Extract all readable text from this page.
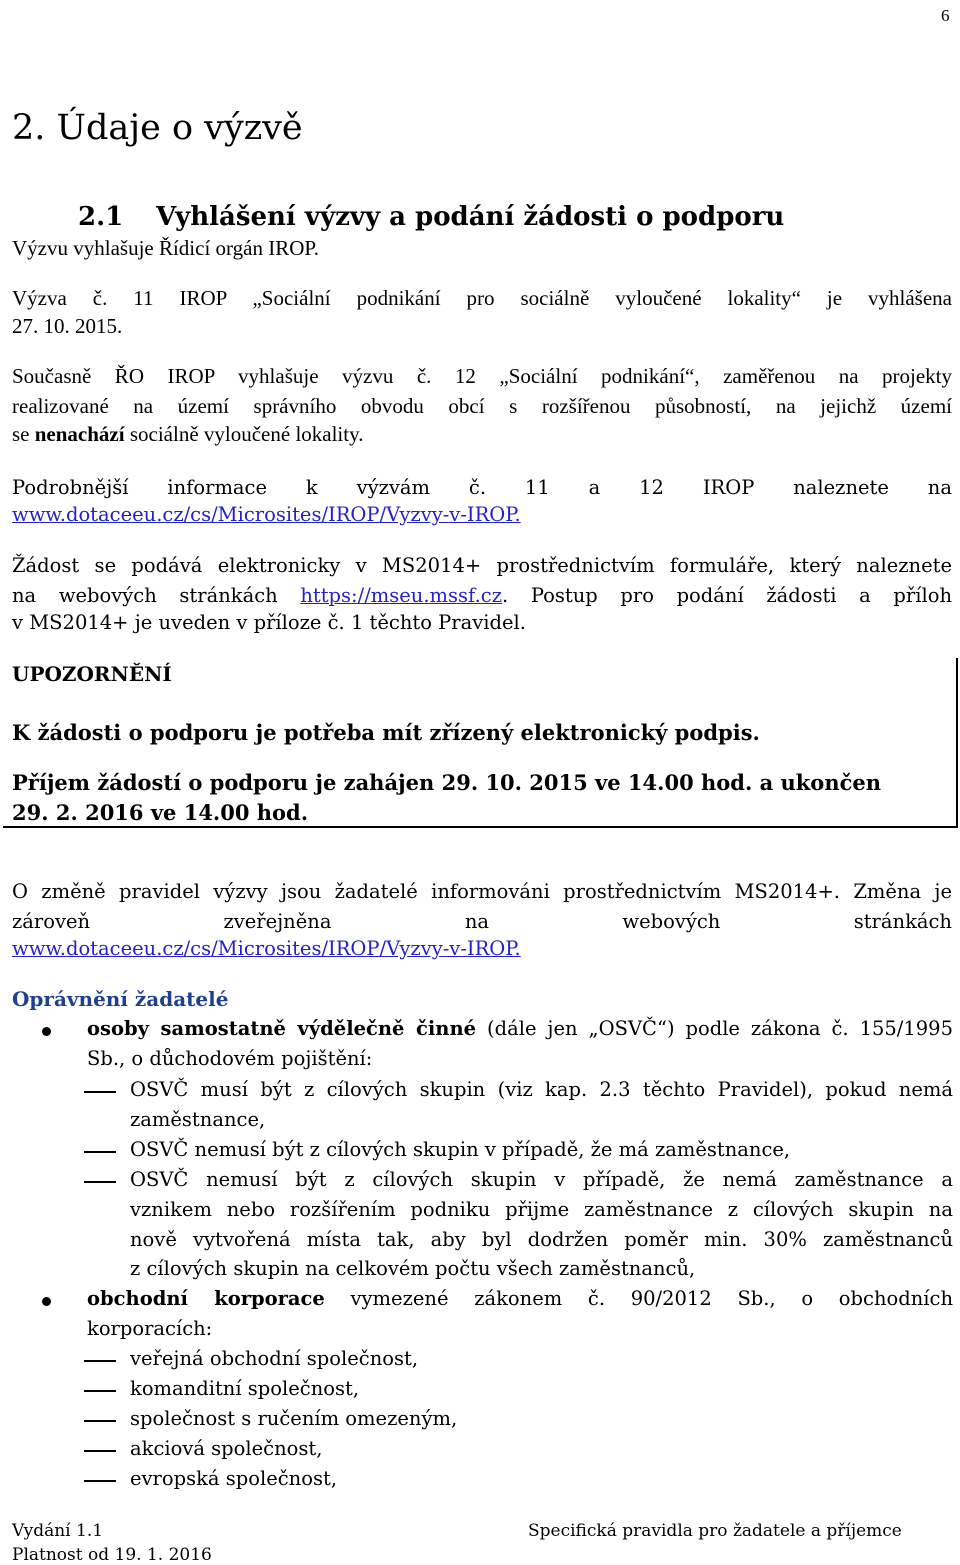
6
2. Údaje o výzvě
2.1 Vyhlášení výzvy a podání žádosti o podporu
Výzvu vyhlašuje Řídicí orgán IROP.
Výzva č. 11 IROP „Sociální podnikání pro sociálně vyloučené lokality“ je vyhlášena
27. 10. 2015.
Současně ŘO IROP vyhlašuje výzvu č. 12 „Sociální podnikání“, zaměřenou na projekty
realizované na území správního obvodu obcí s rozšířenou působností, na jejichž území
se nenachází sociálně vyloučené lokality.
Podrobnější informace k výzvám č. 11 a 12 IROP naleznete na
www.dotaceeu.cz/cs/Microsites/IROP/Vyzvy-v-IROP.
Žádost se podává elektronicky v MS2014+ prostřednictvím formuláře, který naleznete
na webových stránkách https://mseu.mssf.cz. Postup pro podání žádosti a příloh
v MS2014+ je uveden v příloze č. 1 těchto Pravidel.
UPOZORNĚNÍ
K žádosti o podporu je potřeba mít zřízený elektronický podpis.
Příjem žádostí o podporu je zahájen 29. 10. 2015 ve 14.00 hod. a ukončen
29. 2. 2016 ve 14.00 hod.
O změně pravidel výzvy jsou žadatelé informováni prostřednictvím MS2014+. Změna je
zároveň zveřejněna na webových stránkách
www.dotaceeu.cz/cs/Microsites/IROP/Vyzvy-v-IROP.
Oprávnění žadatelé
osoby samostatně výdělečně činné (dále jen „OSVČ“) podle zákona č. 155/1995
Sb., o důchodovém pojištění:
OSVČ musí být z cílových skupin (viz kap. 2.3 těchto Pravidel), pokud nemá
zaměstnance,
OSVČ nemusí být z cílových skupin v případě, že má zaměstnance,
OSVČ nemusí být z cílových skupin v případě, že nemá zaměstnance a
vznikem nebo rozšířením podniku přijme zaměstnance z cílových skupin na
nově vytvořená místa tak, aby byl dodržen poměr min. 30% zaměstnanců
z cílových skupin na celkovém počtu všech zaměstnanců,
obchodní korporace vymezené zákonem č. 90/2012 Sb., o obchodních
korporacích:
veřejná obchodní společnost,
komanditní společnost,
společnost s ručením omezeným,
akciová společnost,
evropská společnost,
Vydání 1.1
Platnost od 19. 1. 2016
Specifická pravidla pro žadatele a příjemce
